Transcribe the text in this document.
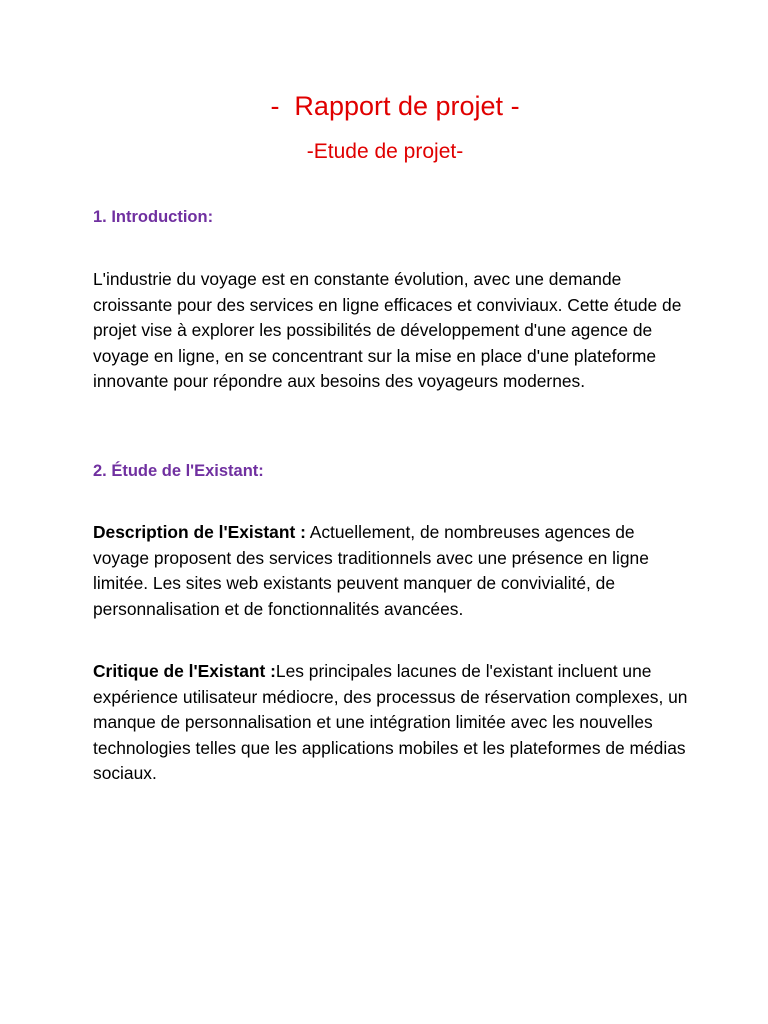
-  Rapport de projet -
-Etude de projet-
1. Introduction:
L'industrie du voyage est en constante évolution, avec une demande croissante pour des services en ligne efficaces et conviviaux. Cette étude de projet vise à explorer les possibilités de développement d'une agence de voyage en ligne, en se concentrant sur la mise en place d'une plateforme innovante pour répondre aux besoins des voyageurs modernes.
2. Étude de l'Existant:
Description de l'Existant : Actuellement, de nombreuses agences de voyage proposent des services traditionnels avec une présence en ligne limitée. Les sites web existants peuvent manquer de convivialité, de personnalisation et de fonctionnalités avancées.
Critique de l'Existant :Les principales lacunes de l'existant incluent une expérience utilisateur médiocre, des processus de réservation complexes, un manque de personnalisation et une intégration limitée avec les nouvelles technologies telles que les applications mobiles et les plateformes de médias sociaux.
